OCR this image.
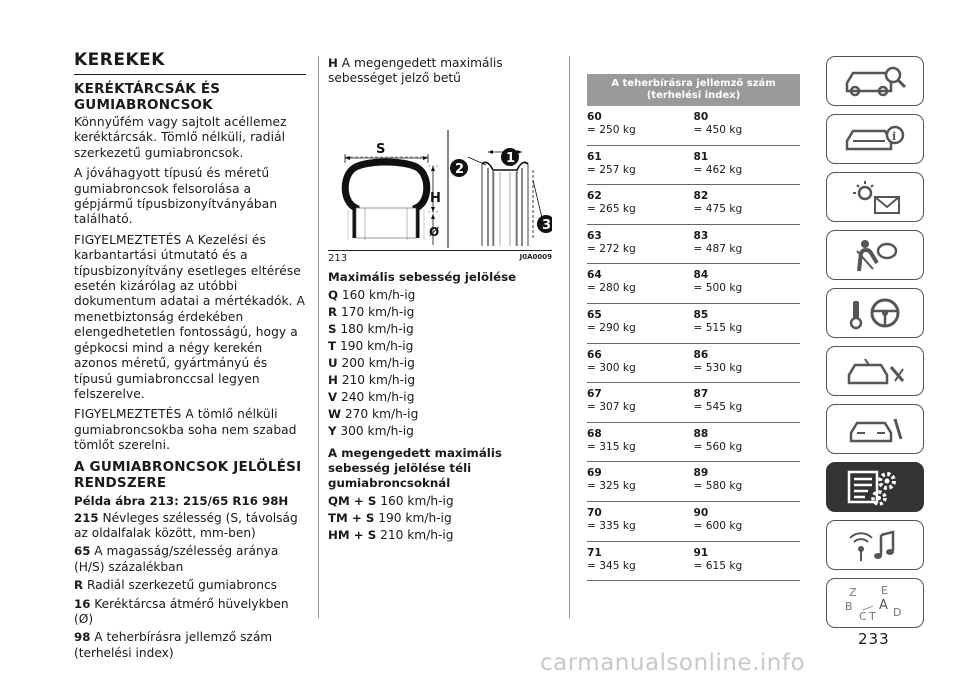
KEREKEK
KERÉKTÁRCSÁK ÉS GUMIABRONCSOK

Könnyűfém vagy sajtolt acéllemez keréktárcsák. Tömlő nélküli, radiál szerkezetű gumiabroncsok.

A jóváhagyott típusú és méretű gumiabroncsok felsorolása a gépjármű típusbizonyítványában található.

FIGYELMEZTETÉS A Kezelési és karbantartási útmutató és a típusbizonyítvány esetleges eltérése esetén kizárólag az utóbbi dokumentum adatai a mértékadók. A menetbiztonság érdekében elengedhetetlen fontosságú, hogy a gépkocsi mind a négy kerekén azonos méretű, gyártmányú és típusú gumiabronccsal legyen felszerelve.

FIGYELMEZTETÉS A tömlő nélküli gumiabroncsokba soha nem szabad tömlőt szerelni.

A GUMIABRONCSOK JELÖLÉSI RENDSZERE
Példa ábra 213: 215/65 R16 98H
215 Névleges szélesség (S, távolság az oldalfalak között, mm-ben)
65 A magasság/szélesség aránya (H/S) százalékban
R Radiál szerkezetű gumiabroncs
16 Keréktárcsa átmérő hüvelykben (Ø)
98 A teherbírásra jellemző szám (terhelési index)
H A megengedett maximális sebességet jelző betű
S
H
Ø
1
2
3
213	J0A0009
Maximális sebesség jelölése
Q 160 km/h-ig
R 170 km/h-ig
S 180 km/h-ig
T 190 km/h-ig
U 200 km/h-ig
H 210 km/h-ig
V 240 km/h-ig
W 270 km/h-ig
Y 300 km/h-ig
A megengedett maximális sebesség jelölése téli gumiabroncsoknál
QM + S 160 km/h-ig
TM + S 190 km/h-ig
HM + S 210 km/h-ig
A teherbírásra jellemző szám (terhelési index)
60
= 250 kg
80
= 450 kg
61
= 257 kg
81
= 462 kg
62
= 265 kg
82
= 475 kg
63
= 272 kg
83
= 487 kg
64
= 280 kg
84
= 500 kg
65
= 290 kg
85
= 515 kg
66
= 300 kg
86
= 530 kg
67
= 307 kg
87
= 545 kg
68
= 315 kg
88
= 560 kg
69
= 325 kg
89
= 580 kg
70
= 335 kg
90
= 600 kg
71
= 345 kg
91
= 615 kg
i
Z E
B A
C T D
233
carmanualsonline.info
